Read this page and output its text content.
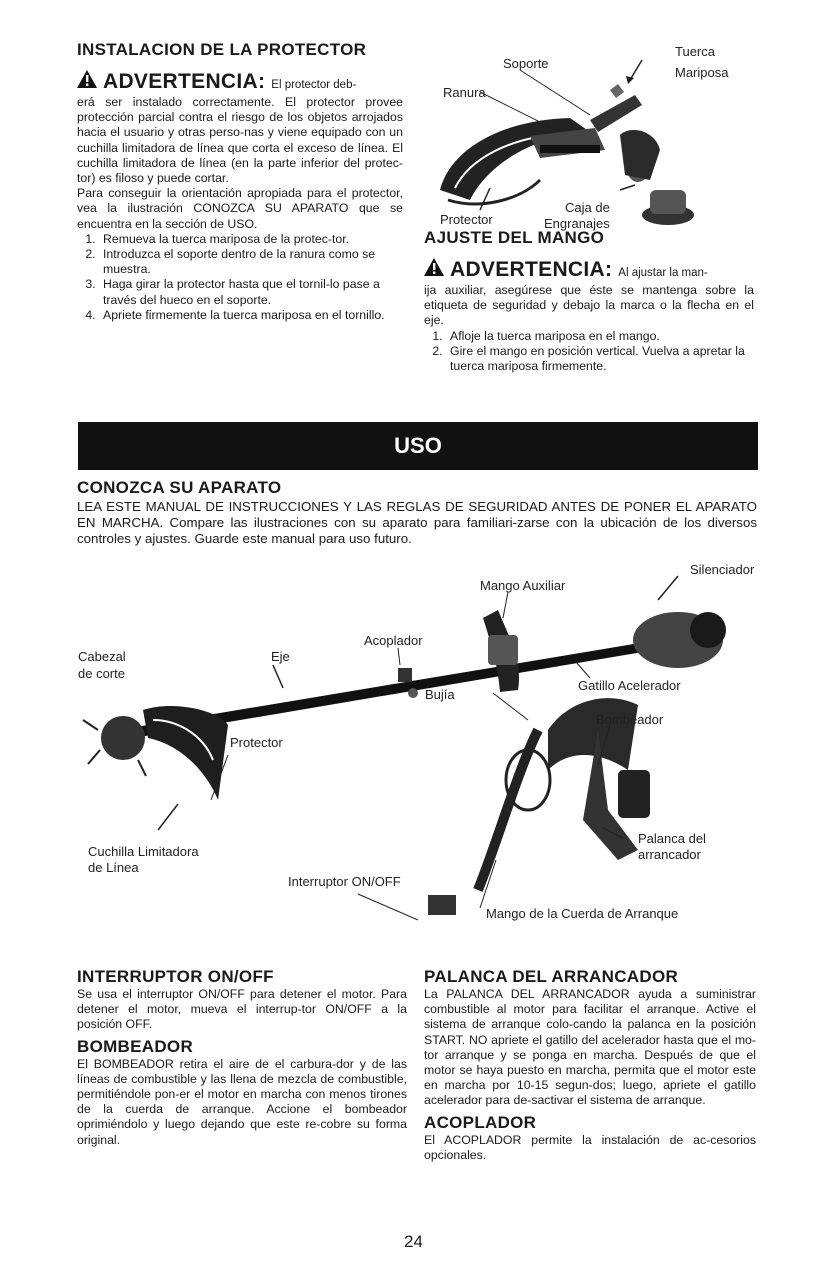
INSTALACION DE LA PROTECTOR
ADVERTENCIA: El protector deb-
erá ser instalado correctamente. El protector provee protección parcial contra el riesgo de los objetos arrojados hacia el usuario y otras perso-nas y viene equipado con un cuchilla limitadora de línea que corta el exceso de línea. El cuchilla limitadora de línea (en la parte inferior del protec-tor) es filoso y puede cortar.
Para conseguir la orientación apropiada para el protector, vea la ilustración CONOZCA SU APARATO que se encuentra en la sección de USO.
1. Remueva la tuerca mariposa de la protec-tor.
2. Introduzca el soporte dentro de la ranura como se muestra.
3. Haga girar la protector hasta que el tornil-lo pase a través del hueco en el soporte.
4. Apriete firmemente la tuerca mariposa en el tornillo.
Soporte
Ranura
Tuerca
Mariposa
Protector
Caja de
Engranajes
AJUSTE DEL MANGO
ADVERTENCIA: Al ajustar la man-
ija auxiliar, asegúrese que éste se mantenga sobre la etiqueta de seguridad y debajo la marca o la flecha en el eje.
1. Afloje la tuerca mariposa en el mango.
2. Gire el mango en posición vertical. Vuelva a apretar la tuerca mariposa firmemente.
USO
CONOZCA SU APARATO
LEA ESTE MANUAL DE INSTRUCCIONES Y LAS REGLAS DE SEGURIDAD ANTES DE PONER EL APARATO EN MARCHA. Compare las ilustraciones con su aparato para familiari-zarse con la ubicación de los diversos controles y ajustes. Guarde este manual para uso futuro.
Silenciador
Mango Auxiliar
Acoplador
Cabezal
de corte
Eje
Bujía
Gatillo Acelerador
Bombeador
Protector
Cuchilla Limitadora
de Línea
Interruptor ON/OFF
Palanca del
arrancador
Mango de la Cuerda de Arranque
INTERRUPTOR ON/OFF
Se usa el interruptor ON/OFF para detener el motor. Para detener el motor, mueva el interrup-tor ON/OFF a la posición OFF.
BOMBEADOR
El BOMBEADOR retira el aire de el carbura-dor y de las líneas de combustible y las llena de mezcla de combustible, permitiéndole pon-er el motor en marcha con menos tirones de la cuerda de arranque. Accione el bombeador oprimiéndolo y luego dejando que este re-cobre su forma original.
PALANCA DEL ARRANCADOR
La PALANCA DEL ARRANCADOR ayuda a suministrar combustible al motor para facilitar el arranque. Active el sistema de arranque colo-cando la palanca en la posición START. NO apriete el gatillo del acelerador hasta que el mo-tor arranque y se ponga en marcha. Después de que el motor se haya puesto en marcha, permita que el motor este en marcha por 10-15 segun-dos; luego, apriete el gatillo acelerador para de-sactivar el sistema de arranque.
ACOPLADOR
El ACOPLADOR permite la instalación de ac-cesorios opcionales.
24
